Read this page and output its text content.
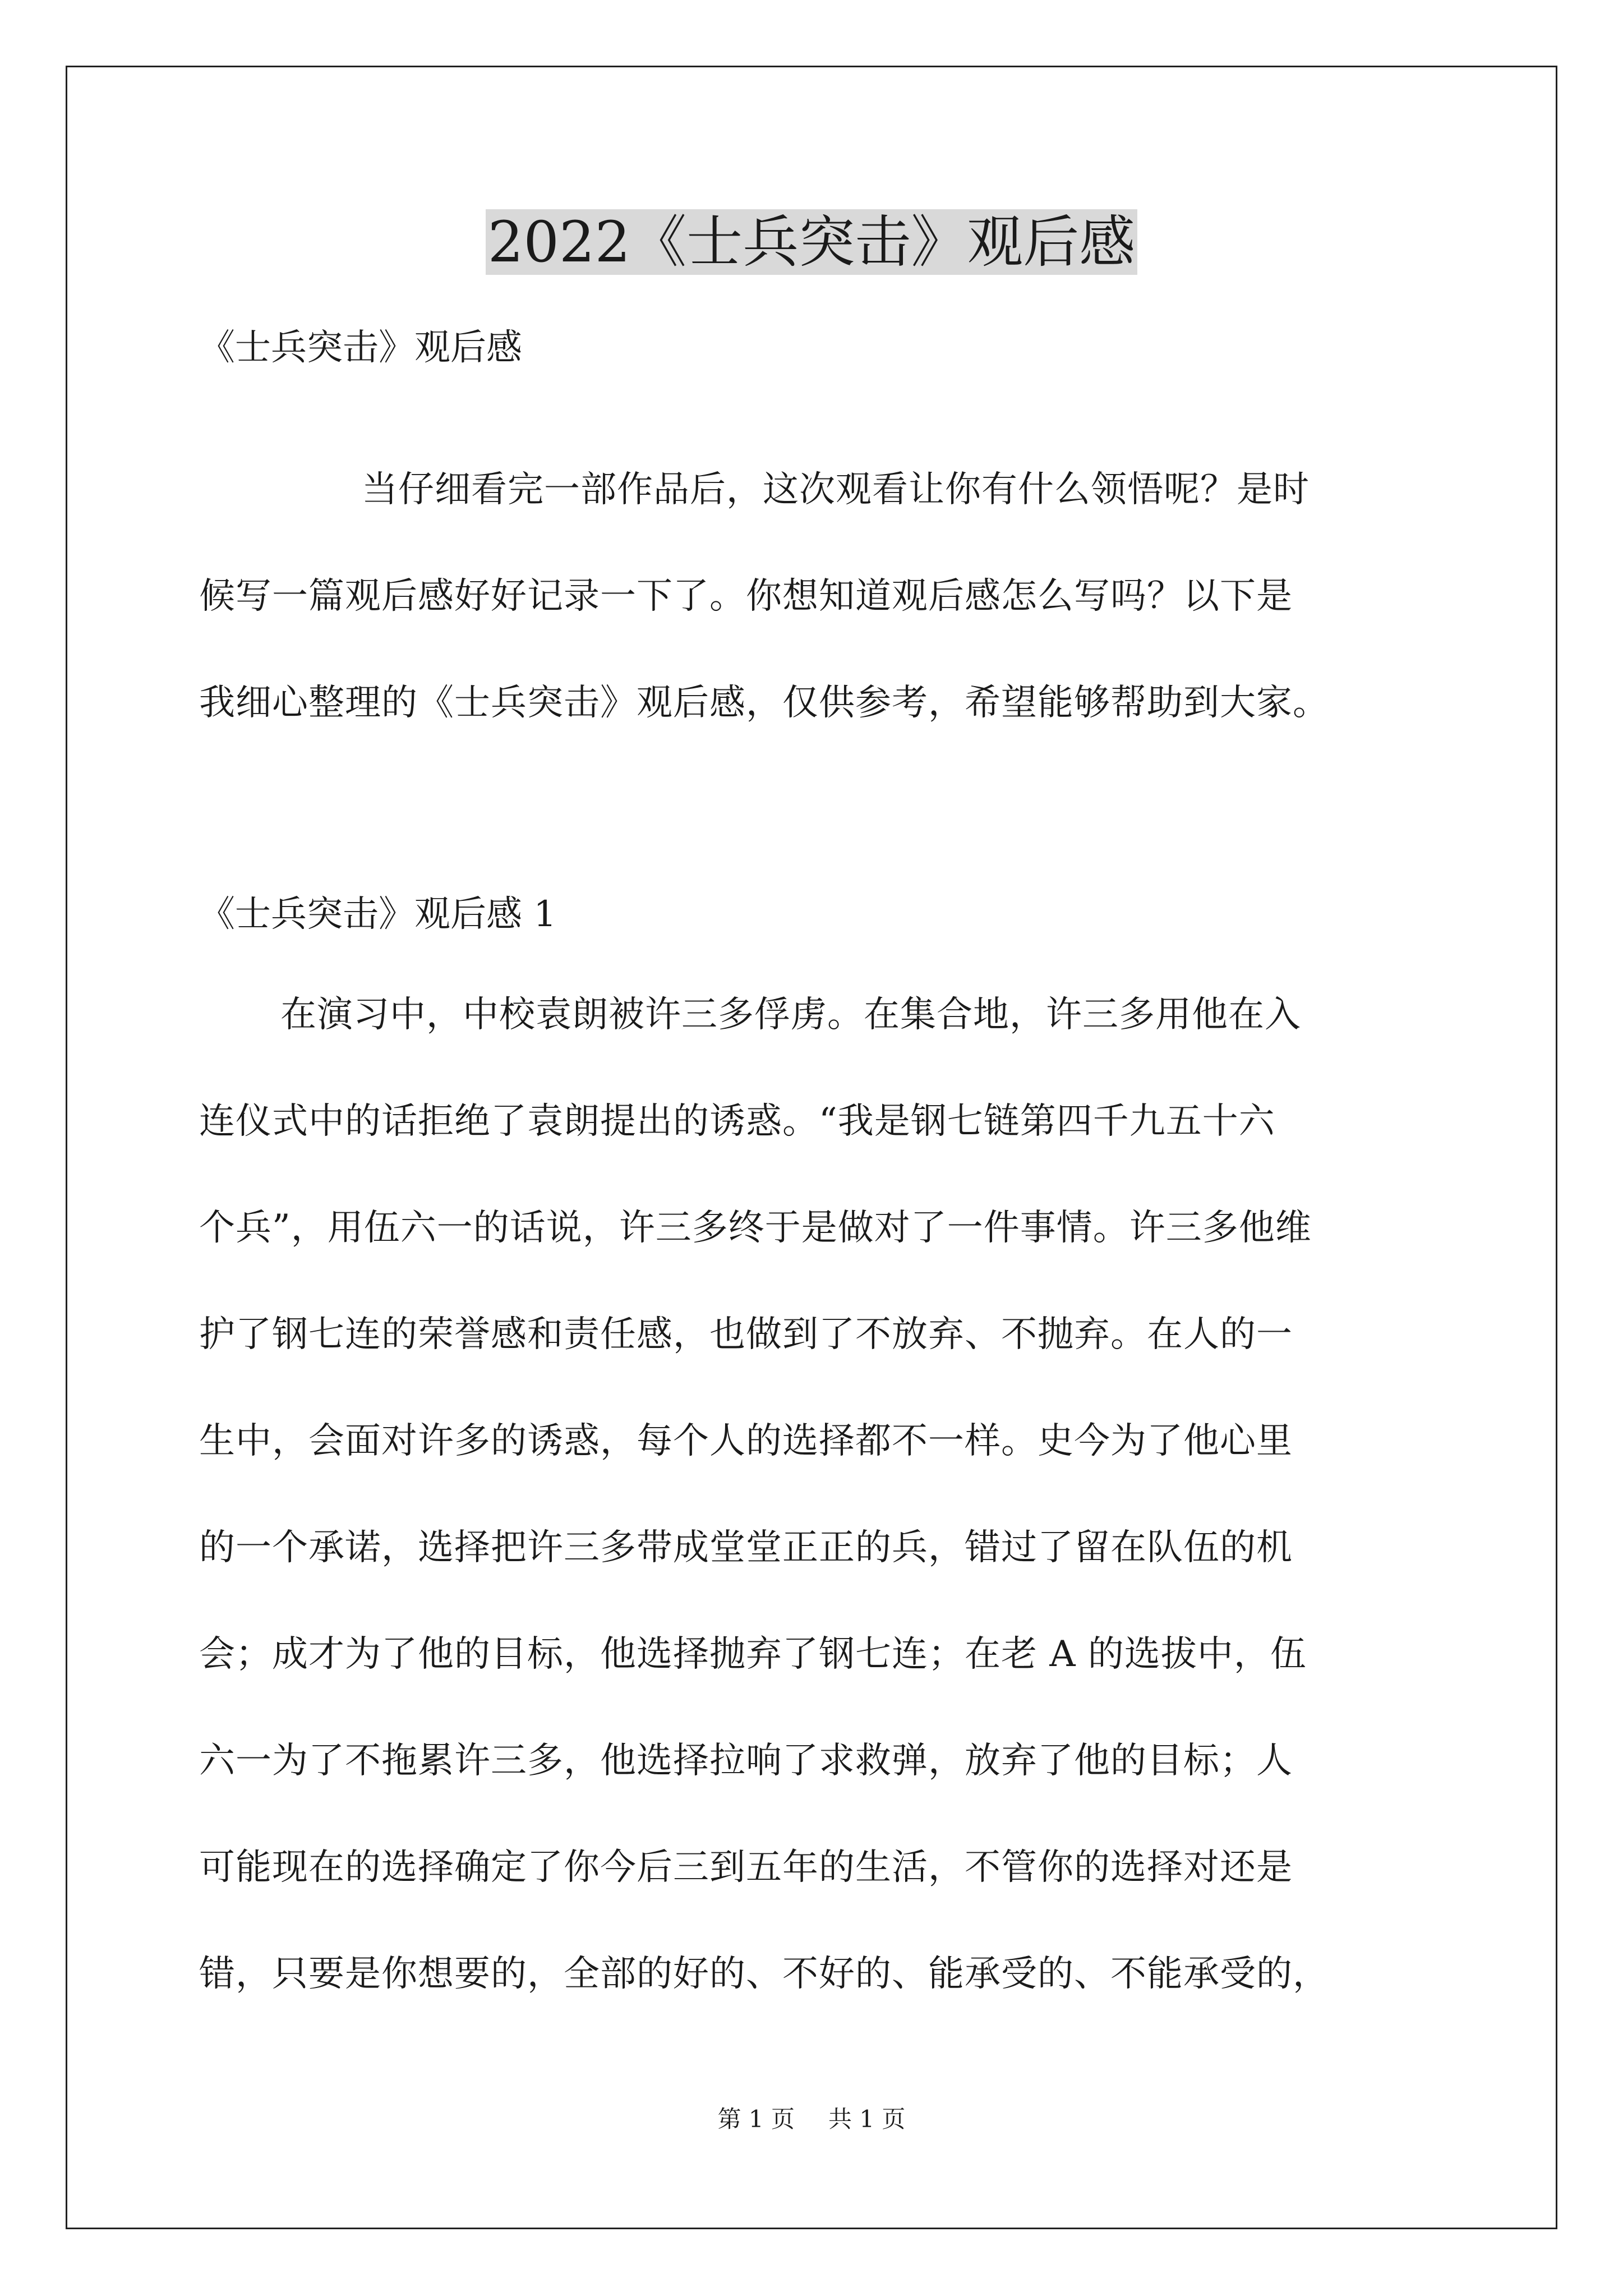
2022《士兵突击》观后感

《士兵突击》观后感

当仔细看完一部作品后，这次观看让你有什么领悟呢？是时
候写一篇观后感好好记录一下了。你想知道观后感怎么写吗？以下是
我细心整理的《士兵突击》观后感，仅供参考，希望能够帮助到大家。

《士兵突击》观后感 1

在演习中，中校袁朗被许三多俘虏。在集合地，许三多用他在入
连仪式中的话拒绝了袁朗提出的诱惑。“我是钢七链第四千九五十六
个兵”，用伍六一的话说，许三多终于是做对了一件事情。许三多他维
护了钢七连的荣誉感和责任感，也做到了不放弃、不抛弃。在人的一
生中，会面对许多的诱惑，每个人的选择都不一样。史今为了他心里
的一个承诺，选择把许三多带成堂堂正正的兵，错过了留在队伍的机
会；成才为了他的目标，他选择抛弃了钢七连；在老 A 的选拔中，伍
六一为了不拖累许三多，他选择拉响了求救弹，放弃了他的目标；人
可能现在的选择确定了你今后三到五年的生活，不管你的选择对还是
错，只要是你想要的，全部的好的、不好的、能承受的、不能承受的，

第 1 页 共 1 页
